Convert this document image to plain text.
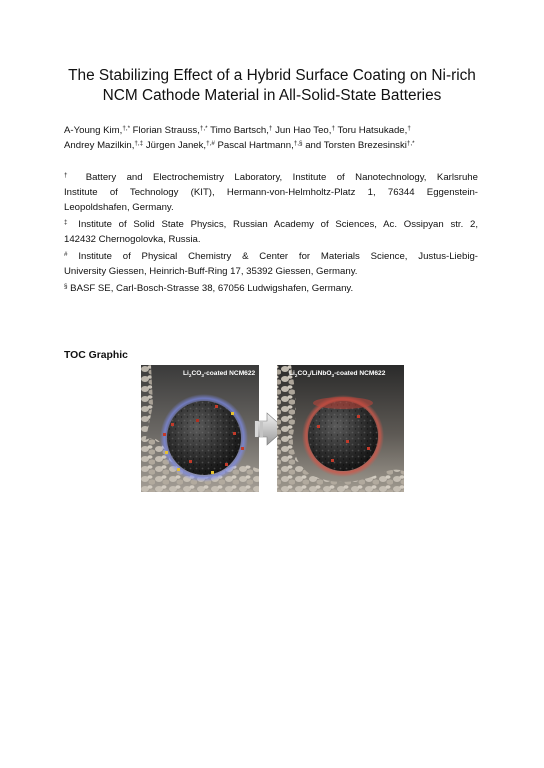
The Stabilizing Effect of a Hybrid Surface Coating on Ni-rich
NCM Cathode Material in All-Solid-State Batteries
A-Young Kim,†,* Florian Strauss,†,* Timo Bartsch,† Jun Hao Teo,† Toru Hatsukade,†
Andrey Mazilkin,†,‡ Jürgen Janek,†,# Pascal Hartmann,†,§ and Torsten Brezesinski†,*
† Battery and Electrochemistry Laboratory, Institute of Nanotechnology, Karlsruhe
Institute of Technology (KIT), Hermann-von-Helmholtz-Platz 1, 76344 Eggenstein-
Leopoldshafen, Germany.
‡ Institute of Solid State Physics, Russian Academy of Sciences, Ac. Ossipyan str. 2,
142432 Chernogolovka, Russia.
# Institute of Physical Chemistry & Center for Materials Science, Justus-Liebig-
University Giessen, Heinrich-Buff-Ring 17, 35392 Giessen, Germany.
§ BASF SE, Carl-Bosch-Strasse 38, 67056 Ludwigshafen, Germany.
TOC Graphic
$Li_2CO_3$-coated NCM622	$Li_2CO_3/LiNbO_3$-coated NCM622
